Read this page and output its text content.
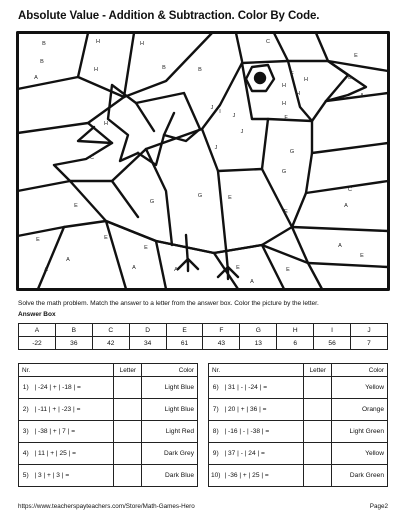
Absolute Value - Addition & Subtraction. Color By Code.
B	H	H	C
B
H	B	B
H
H
E
F
H
H
B
A
F
J
I
J
H
J
I
C
G
J
G
G
E
C
E
A
G
A
E
E
A
E
E
A
A	E
A	E
A
E
A
Solve the math problem. Match the answer to a letter from the answer box. Color the picture by the letter.
Answer Box
A	B	C	D	E	F	G	H	I	J
-22	36	42	34	61	43	13	6	56	7
Nr.		Letter	Color
1)	| -24 | + | -18 | =		Light Blue
2)	| -11 | + | -23 | =		Light Blue
3)	| -38 | + | 7 | =		Light Red
4)	| 11 | + | 25 | =		Dark Grey
5)	| 3 | + | 3 | =		Dark Blue
Nr.		Letter	Color
6)	| 31 | - | -24 | =		Yellow
7)	| 20 | + | 36 | =		Orange
8)	| -16 | - | -38 | =		Light Green
9)	| 37 | - | 24 | =		Yellow
10)	| -36 | + | 25 | =		Dark Green
https://www.teacherspayteachers.com/Store/Math-Games-Hero	Page2
